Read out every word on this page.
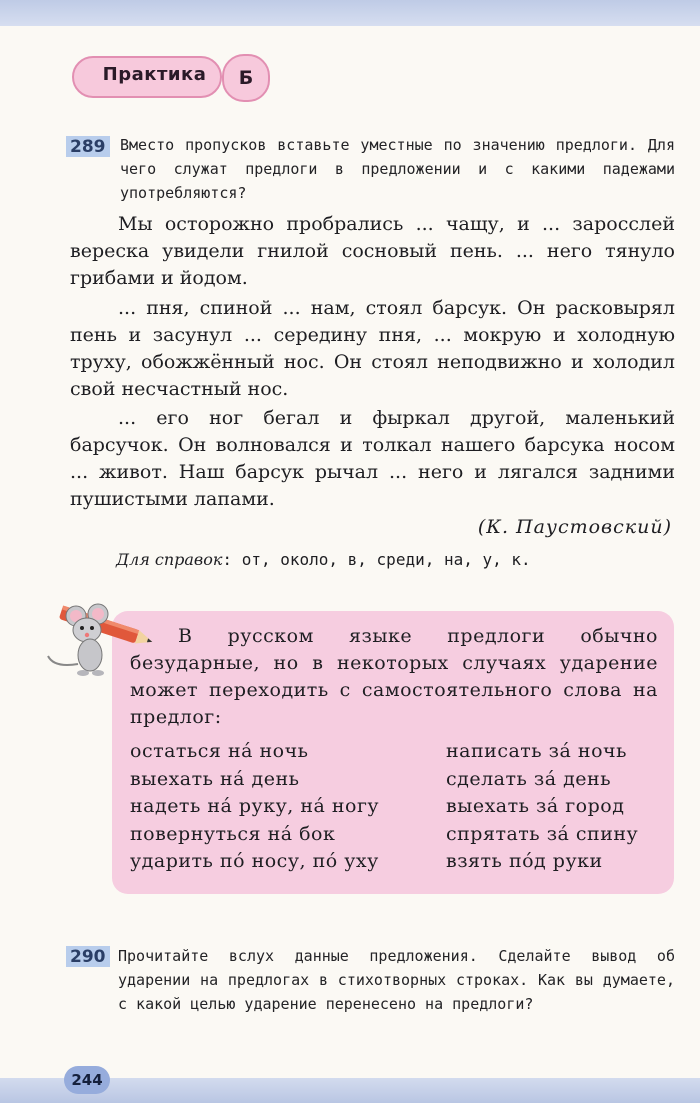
Практика	Б
289 Вместо пропусков вставьте уместные по значению предлоги. Для чего служат предлоги в предложении и с какими падежами употребляются?

Мы осторожно пробрались ... чащу, и ... заросслей вереска увидели гнилой сосновый пень. ... него тянуло грибами и йодом.

... пня, спиной ... нам, стоял барсук. Он расковырял пень и засунул ... середину пня, ... мокрую и холодную труху, обожжённый нос. Он стоял неподвижно и холодил свой несчастный нос.

... его ног бегал и фыркал другой, маленький барсучок. Он волновался и толкал нашего барсука носом ... живот. Наш барсук рычал ... него и лягался задними пушистыми лапами.

(К. Паустовский)
Для справок: от, около, в, среди, на, у, к.

В русском языке предлоги обычно безударные, но в некоторых случаях ударение может переходить с самостоятельного слова на предлог:

остаться на́ ночь
выехать на́ день
надеть на́ руку, на́ ногу
повернуться на́ бок
ударить по́ носу, по́ уху
написать за́ ночь
сделать за́ день
выехать за́ город
спрятать за́ спину
взять по́д руки
290 Прочитайте вслух данные предложения. Сделайте вывод об ударении на предлогах в стихотворных строках. Как вы думаете, с какой целью ударение перенесено на предлоги?

244
